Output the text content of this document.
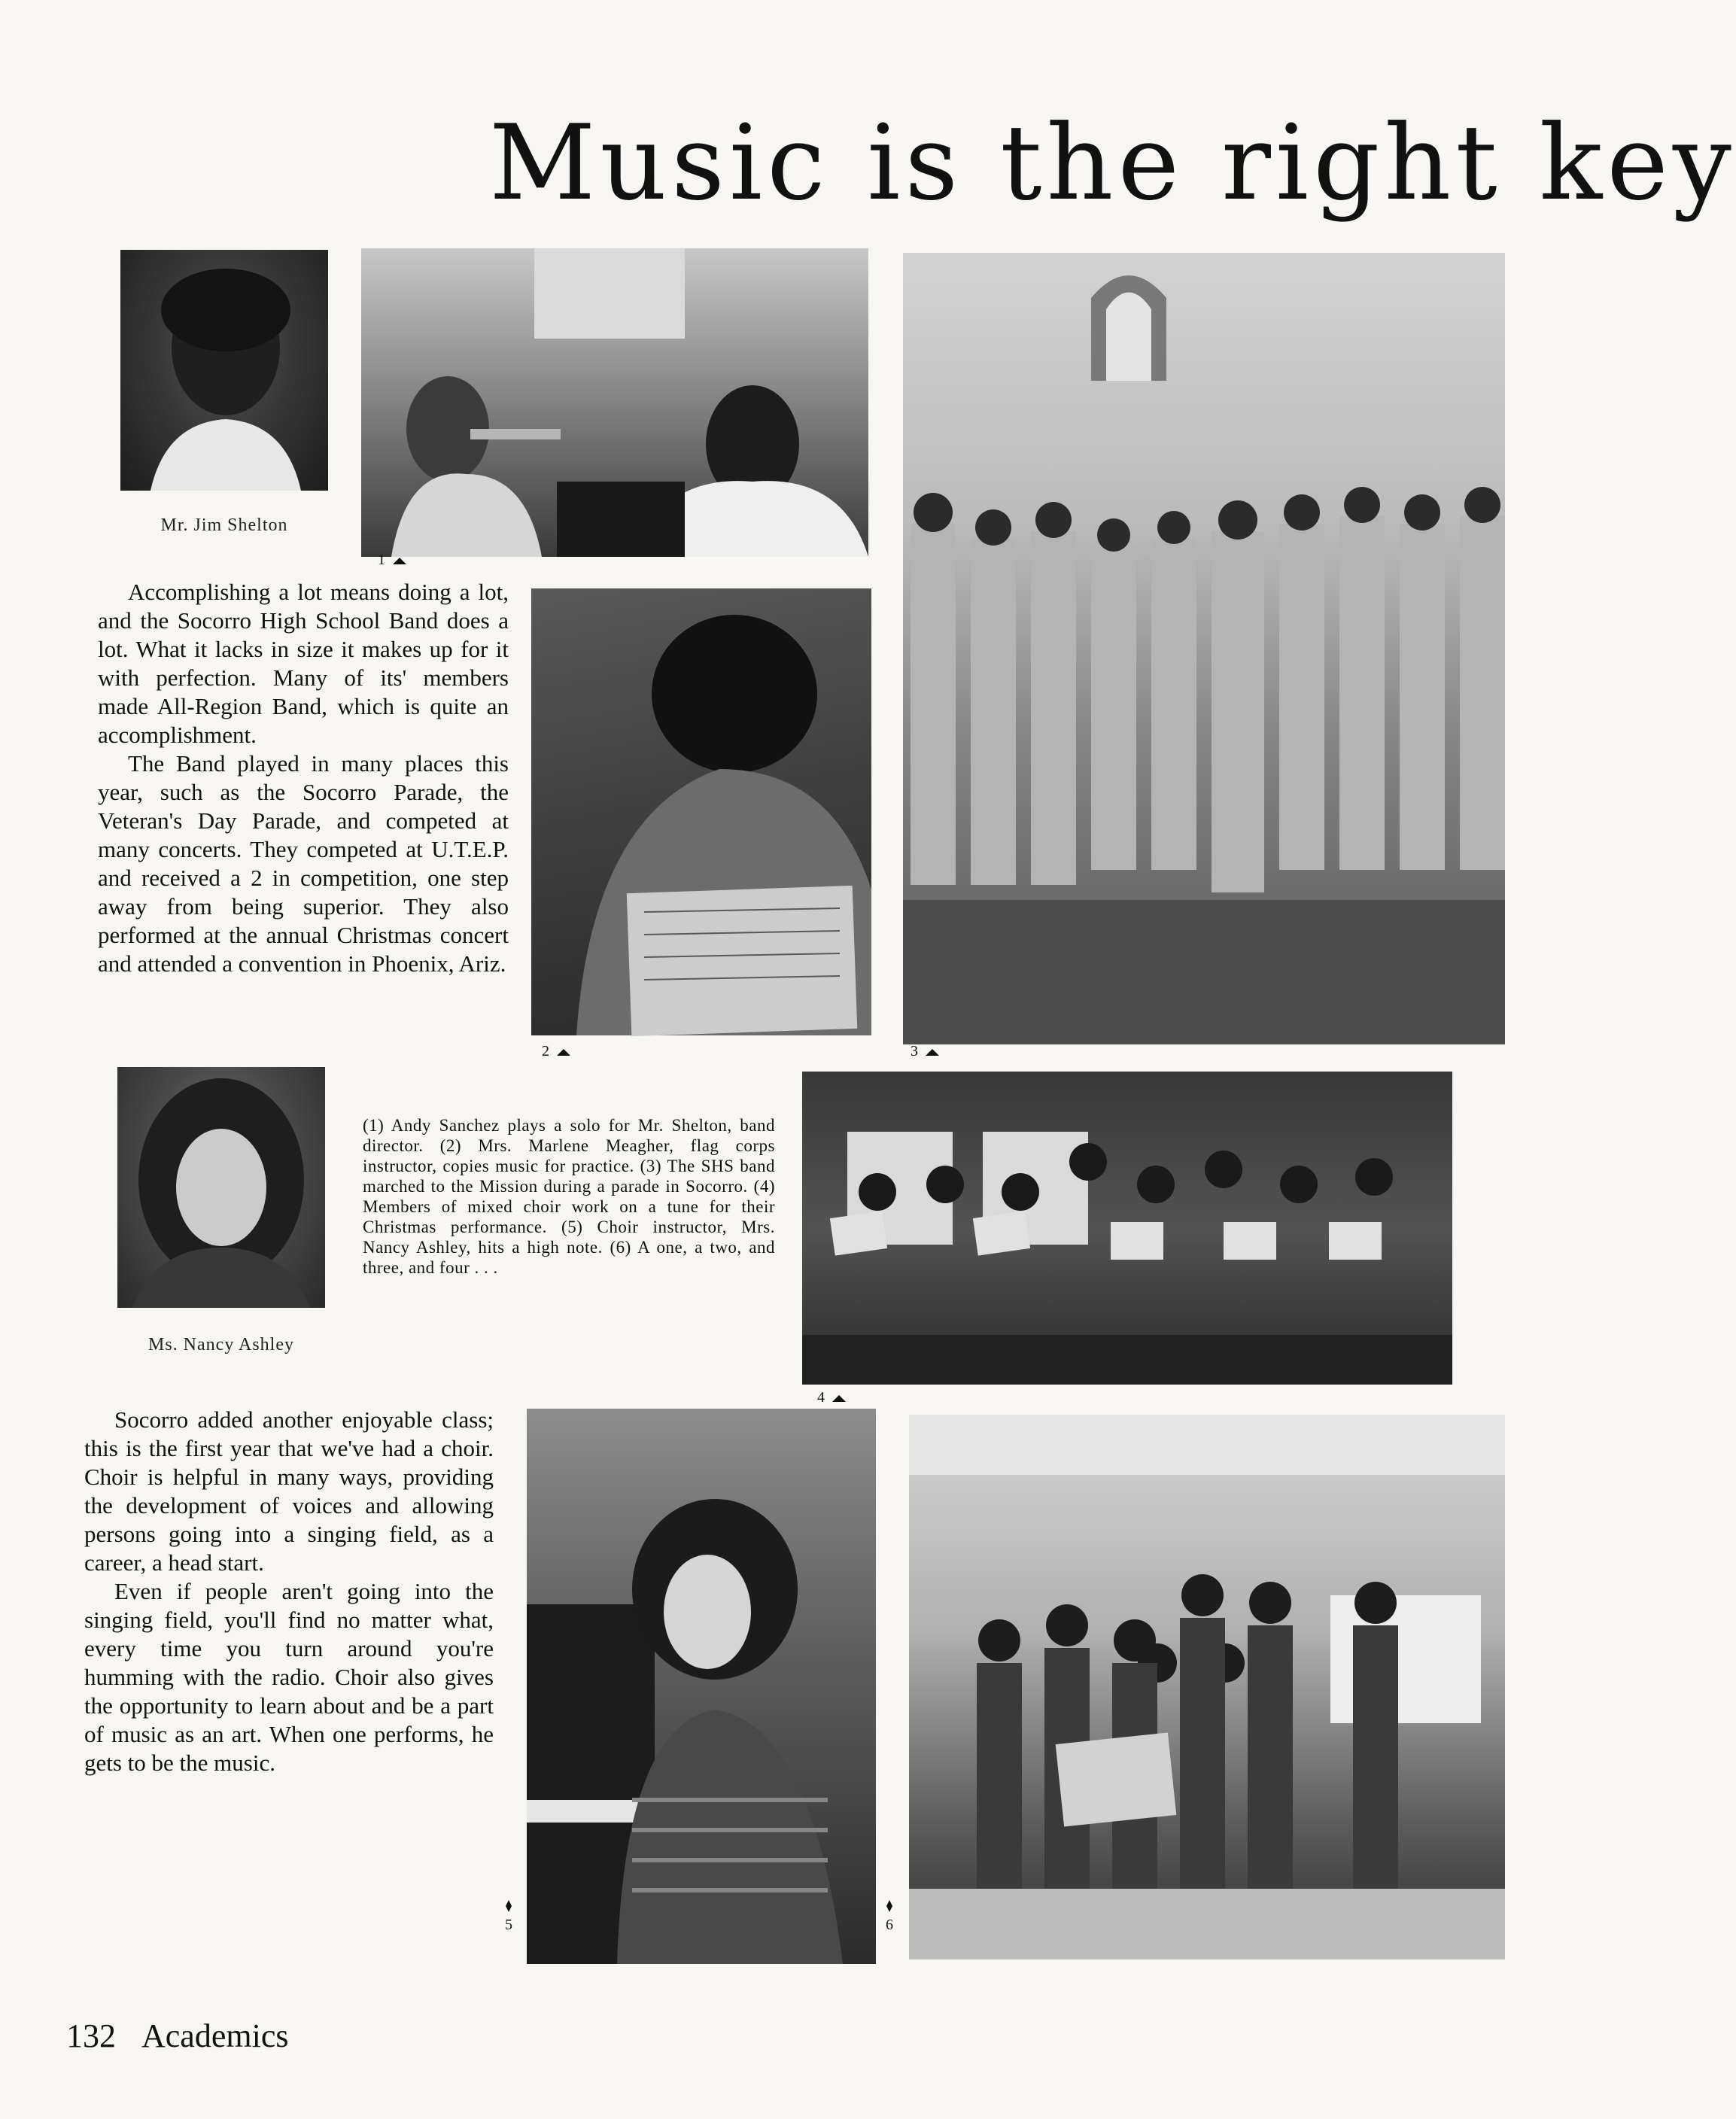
Music is the right key
Mr. Jim Shelton
1

Accomplishing a lot means doing a lot, and the Socorro High School Band does a lot. What it lacks in size it makes up for it with perfection. Many of its' members made All-Region Band, which is quite an accomplishment.

The Band played in many places this year, such as the Socorro Parade, the Veteran's Day Parade, and competed at many concerts. They competed at U.T.E.P. and received a 2 in competition, one step away from being superior. They also performed at the annual Christmas concert and attended a convention in Phoenix, Ariz.

2	3
Ms. Nancy Ashley
(1) Andy Sanchez plays a solo for Mr. Shelton, band director. (2) Mrs. Marlene Meagher, flag corps instructor, copies music for practice. (3) The SHS band marched to the Mission during a parade in Socorro. (4) Members of mixed choir work on a tune for their Christmas performance. (5) Choir instructor, Mrs. Nancy Ashley, hits a high note. (6) A one, a two, and three, and four . . .
4

Socorro added another enjoyable class; this is the first year that we've had a choir. Choir is helpful in many ways, providing the development of voices and allowing persons going into a singing field, as a career, a head start.

Even if people aren't going into the singing field, you'll find no matter what, every time you turn around you're humming with the radio. Choir also gives the opportunity to learn about and be a part of music as an art. When one performs, he gets to be the music.

5	6
132 Academics
